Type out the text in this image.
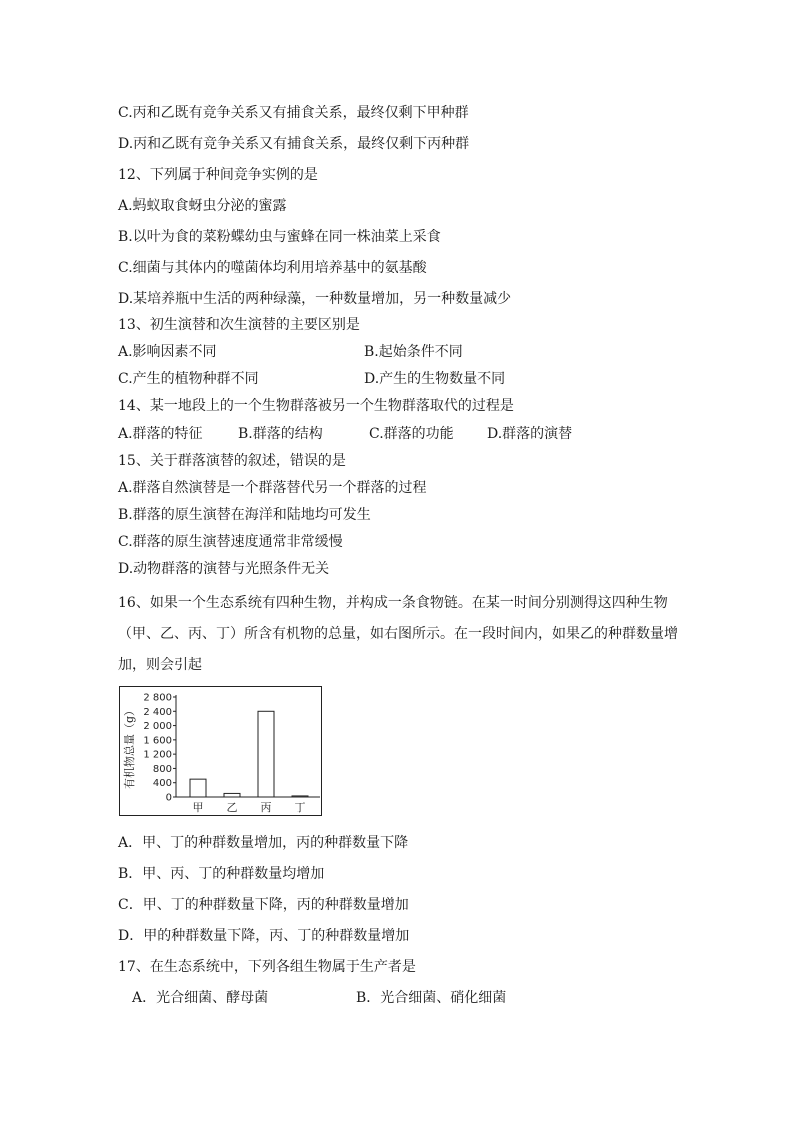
C.丙和乙既有竞争关系又有捕食关系，最终仅剩下甲种群
D.丙和乙既有竞争关系又有捕食关系，最终仅剩下丙种群
12、下列属于种间竞争实例的是
A.蚂蚁取食蚜虫分泌的蜜露
B.以叶为食的菜粉蝶幼虫与蜜蜂在同一株油菜上采食
C.细菌与其体内的噬菌体均利用培养基中的氨基酸
D.某培养瓶中生活的两种绿藻，一种数量增加，另一种数量减少
13、初生演替和次生演替的主要区别是
A.影响因素不同	B.起始条件不同
C.产生的植物种群不同	D.产生的生物数量不同
14、某一地段上的一个生物群落被另一个生物群落取代的过程是
A.群落的特征	B.群落的结构	C.群落的功能 D.群落的演替
15、关于群落演替的叙述，错误的是
A.群落自然演替是一个群落替代另一个群落的过程
B.群落的原生演替在海洋和陆地均可发生
C.群落的原生演替速度通常非常缓慢
D.动物群落的演替与光照条件无关
16、如果一个生态系统有四种生物，并构成一条食物链。在某一时间分别测得这四种生物
（甲、乙、丙、丁）所含有机物的总量，如右图所示。在一段时间内，如果乙的种群数量增
加，则会引起
0
400
800
1 200
1 600
2 000
2 400
2 800
有机物总量（g）
甲 乙 丙 丁
A．甲、丁的种群数量增加，丙的种群数量下降
B．甲、丙、丁的种群数量均增加
C．甲、丁的种群数量下降，丙的种群数量增加
D．甲的种群数量下降，丙、丁的种群数量增加
17、在生态系统中，下列各组生物属于生产者是
A．光合细菌、酵母菌	B．光合细菌、硝化细菌
